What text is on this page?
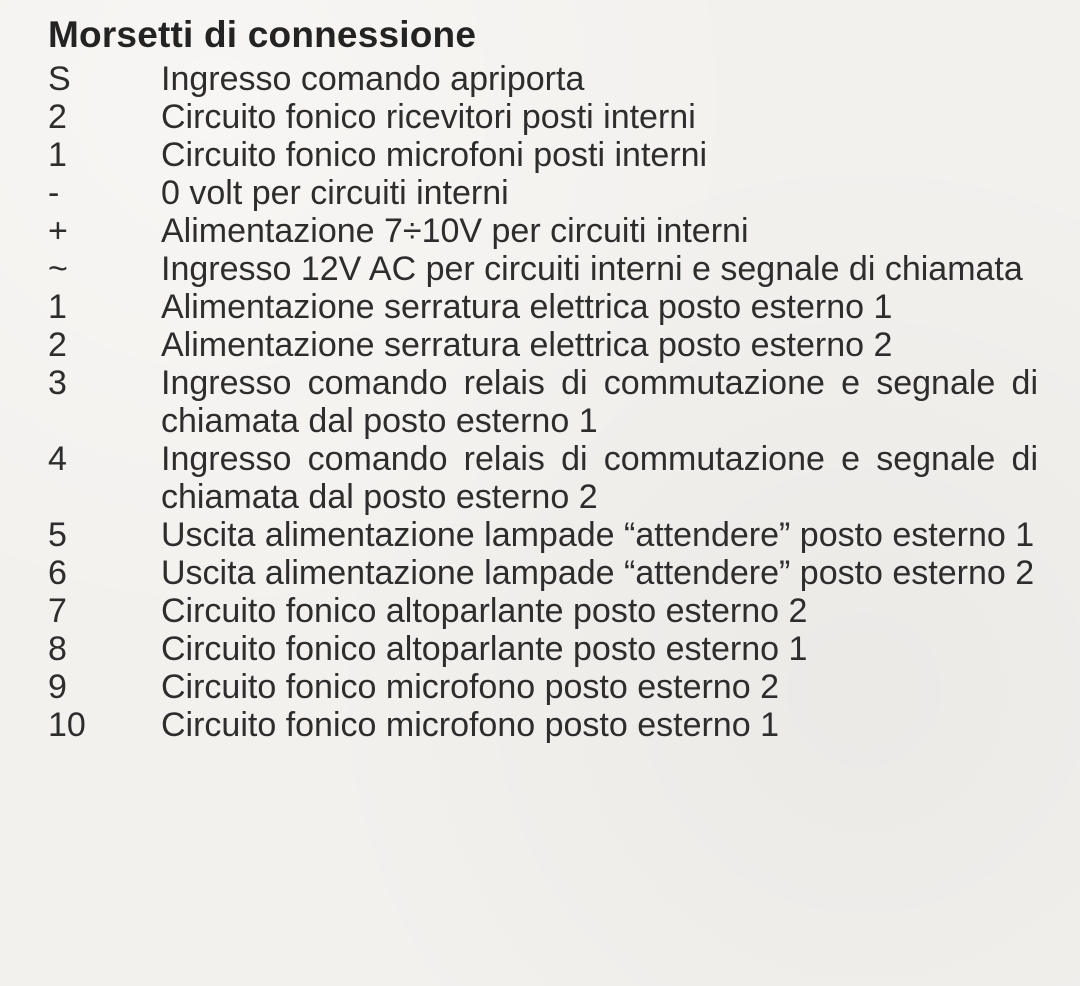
Morsetti di connessione
S	Ingresso comando apriporta
2	Circuito fonico ricevitori posti interni
1	Circuito fonico microfoni posti interni
-	0 volt per circuiti interni
+	Alimentazione 7÷10V per circuiti interni
~	Ingresso 12V AC per circuiti interni e segnale di chiamata
1	Alimentazione serratura elettrica posto esterno 1
2	Alimentazione serratura elettrica posto esterno 2
3	Ingresso comando relais di commutazione e segnale di chiamata dal posto esterno 1
4	Ingresso comando relais di commutazione e segnale di chiamata dal posto esterno 2
5	Uscita alimentazione lampade “attendere” posto esterno 1
6	Uscita alimentazione lampade “attendere” posto esterno 2
7	Circuito fonico altoparlante posto esterno 2
8	Circuito fonico altoparlante posto esterno 1
9	Circuito fonico microfono posto esterno 2
10	Circuito fonico microfono posto esterno 1
